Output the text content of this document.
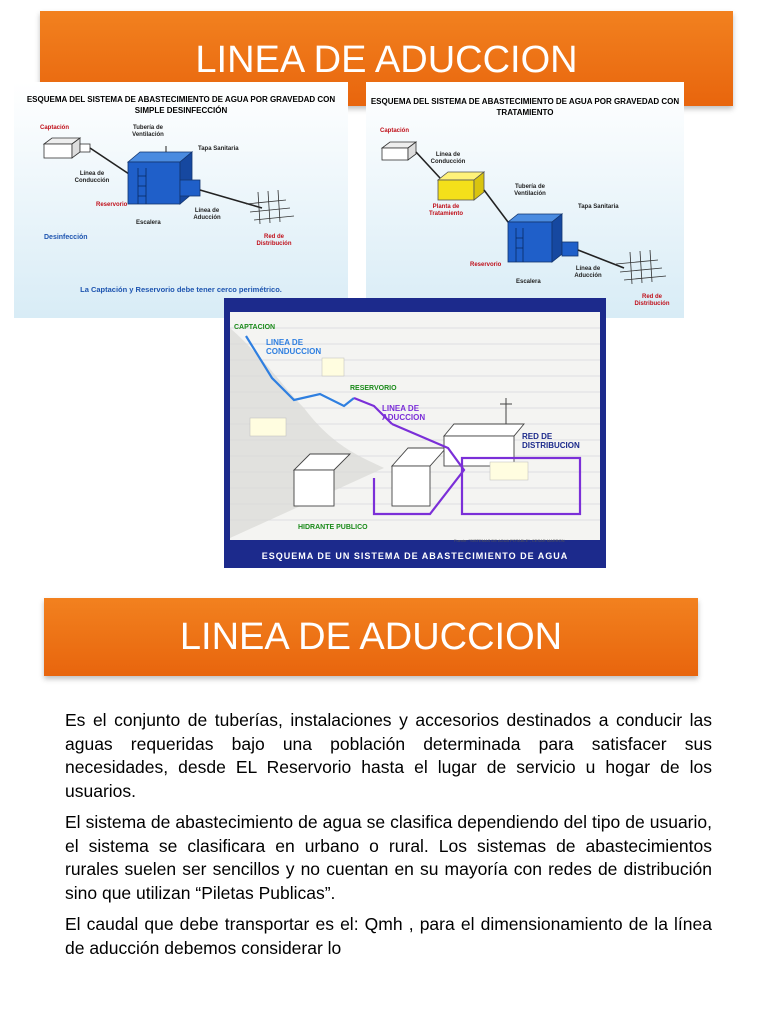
LINEA DE ADUCCION
ESQUEMA DEL SISTEMA DE ABASTECIMIENTO DE AGUA POR GRAVEDAD CON SIMPLE DESINFECCIÓN
Captación	Tubería de Ventilación
Tapa Sanitaria
Línea de Conducción
Reservorio
Escalera
Línea de Aducción
Desinfección	Red de Distribución
La Captación y Reservorio debe tener cerco perimétrico.
ESQUEMA DEL SISTEMA DE ABASTECIMIENTO DE AGUA POR GRAVEDAD CON TRATAMIENTO
Captación
Línea de Conducción
Tubería de Ventilación
Planta de Tratamiento
Tapa Sanitaria
Reservorio
Escalera
Línea de Aducción
Red de Distribución
CAPTACION
LINEA DE CONDUCCION
RESERVORIO
LINEA DE ADUCCION
RED DE DISTRIBUCION
HIDRANTE PUBLICO
Fuente: "SISTEMAS DE AGUA POTABLE", CESAR MARRON
ESQUEMA DE UN SISTEMA DE ABASTECIMIENTO DE AGUA
LINEA DE ADUCCION

Es el conjunto de tuberías, instalaciones y accesorios destinados a conducir las aguas requeridas bajo una población determinada para satisfacer sus necesidades, desde EL Reservorio hasta el lugar de servicio u hogar de los usuarios.

El sistema de abastecimiento de agua se clasifica dependiendo del tipo de usuario, el sistema se clasificara en urbano o rural. Los sistemas de abastecimientos rurales suelen ser sencillos y no cuentan en su mayoría con redes de distribución sino que utilizan “Piletas Publicas”.

El caudal que debe transportar es el: Qmh , para el dimensionamiento de la línea de aducción debemos considerar lo
